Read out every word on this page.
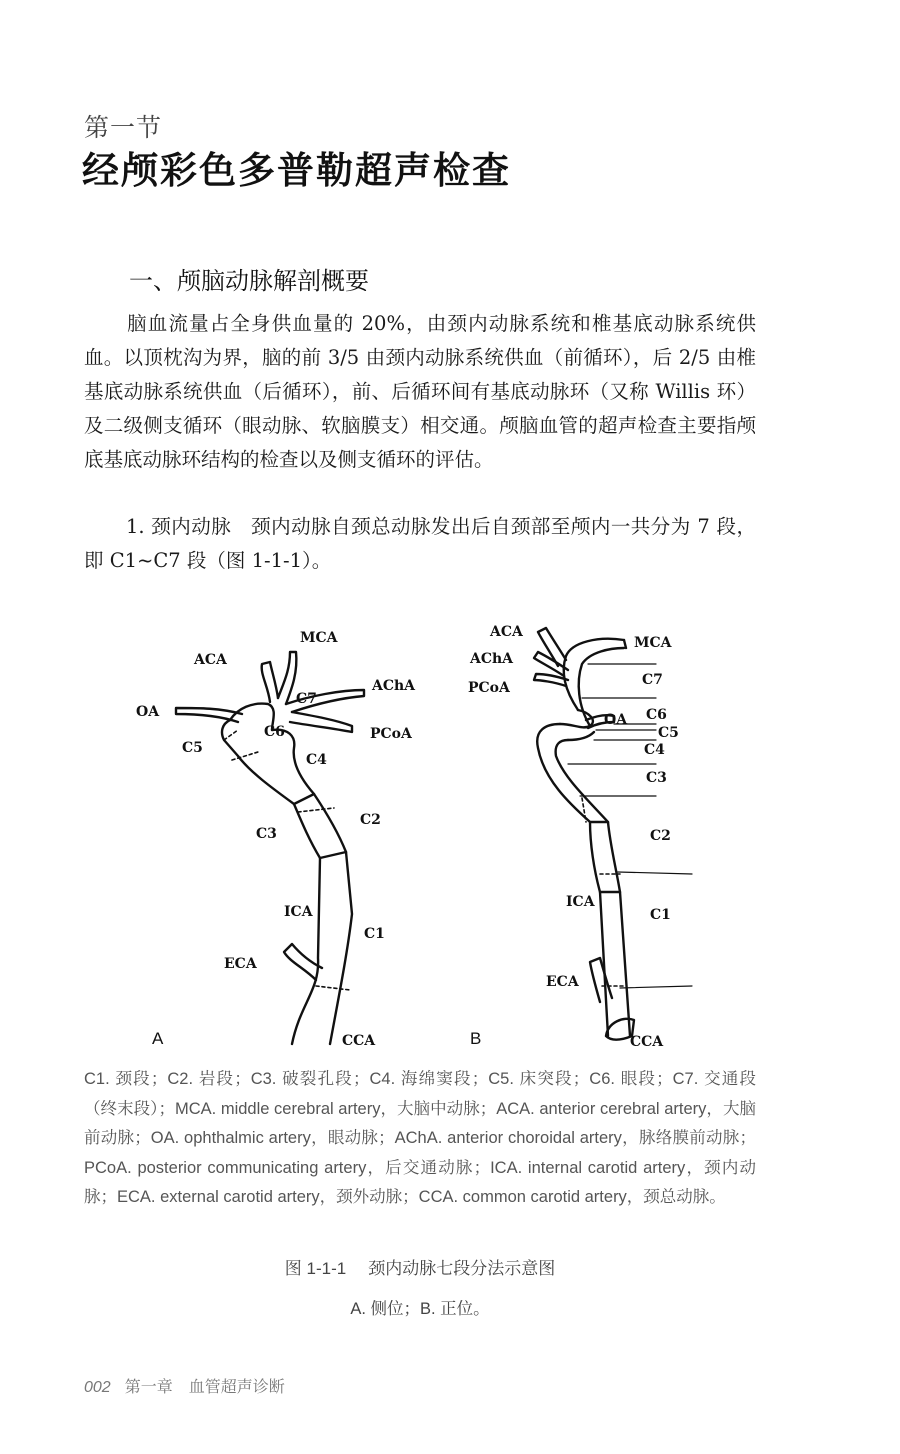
第一节
经颅彩色多普勒超声检查
一、颅脑动脉解剖概要

脑血流量占全身供血量的 20%，由颈内动脉系统和椎基底动脉系统供血。以顶枕沟为界，脑的前 3/5 由颈内动脉系统供血（前循环），后 2/5 由椎基底动脉系统供血（后循环），前、后循环间有基底动脉环（又称 Willis 环）及二级侧支循环（眼动脉、软脑膜支）相交通。颅脑血管的超声检查主要指颅底基底动脉环结构的检查以及侧支循环的评估。

1. 颈内动脉　颈内动脉自颈总动脉发出后自颈部至颅内一共分为 7 段，即 C1~C7 段（图 1-1-1）。

MCA
ACA
AChA
OA
C7
C6
C5
PCoA
C4
C3
C2
ICA
C1
ECA
CCA
A
ACA
MCA
AChA
C7
PCoA
OA C6
C5
C4
C3
C2
ICA
C1
ECA
CCA
B

C1. 颈段；C2. 岩段；C3. 破裂孔段；C4. 海绵窦段；C5. 床突段；C6. 眼段；C7. 交通段（终末段）；MCA. middle cerebral artery，大脑中动脉；ACA. anterior cerebral artery，大脑前动脉；OA. ophthalmic artery，眼动脉；AChA. anterior choroidal artery，脉络膜前动脉；PCoA. posterior communicating artery，后交通动脉；ICA. internal carotid artery，颈内动脉；ECA. external carotid artery，颈外动脉；CCA. common carotid artery，颈总动脉。

图 1-1-1 颈内动脉七段分法示意图
A. 侧位；B. 正位。
002 第一章 血管超声诊断
